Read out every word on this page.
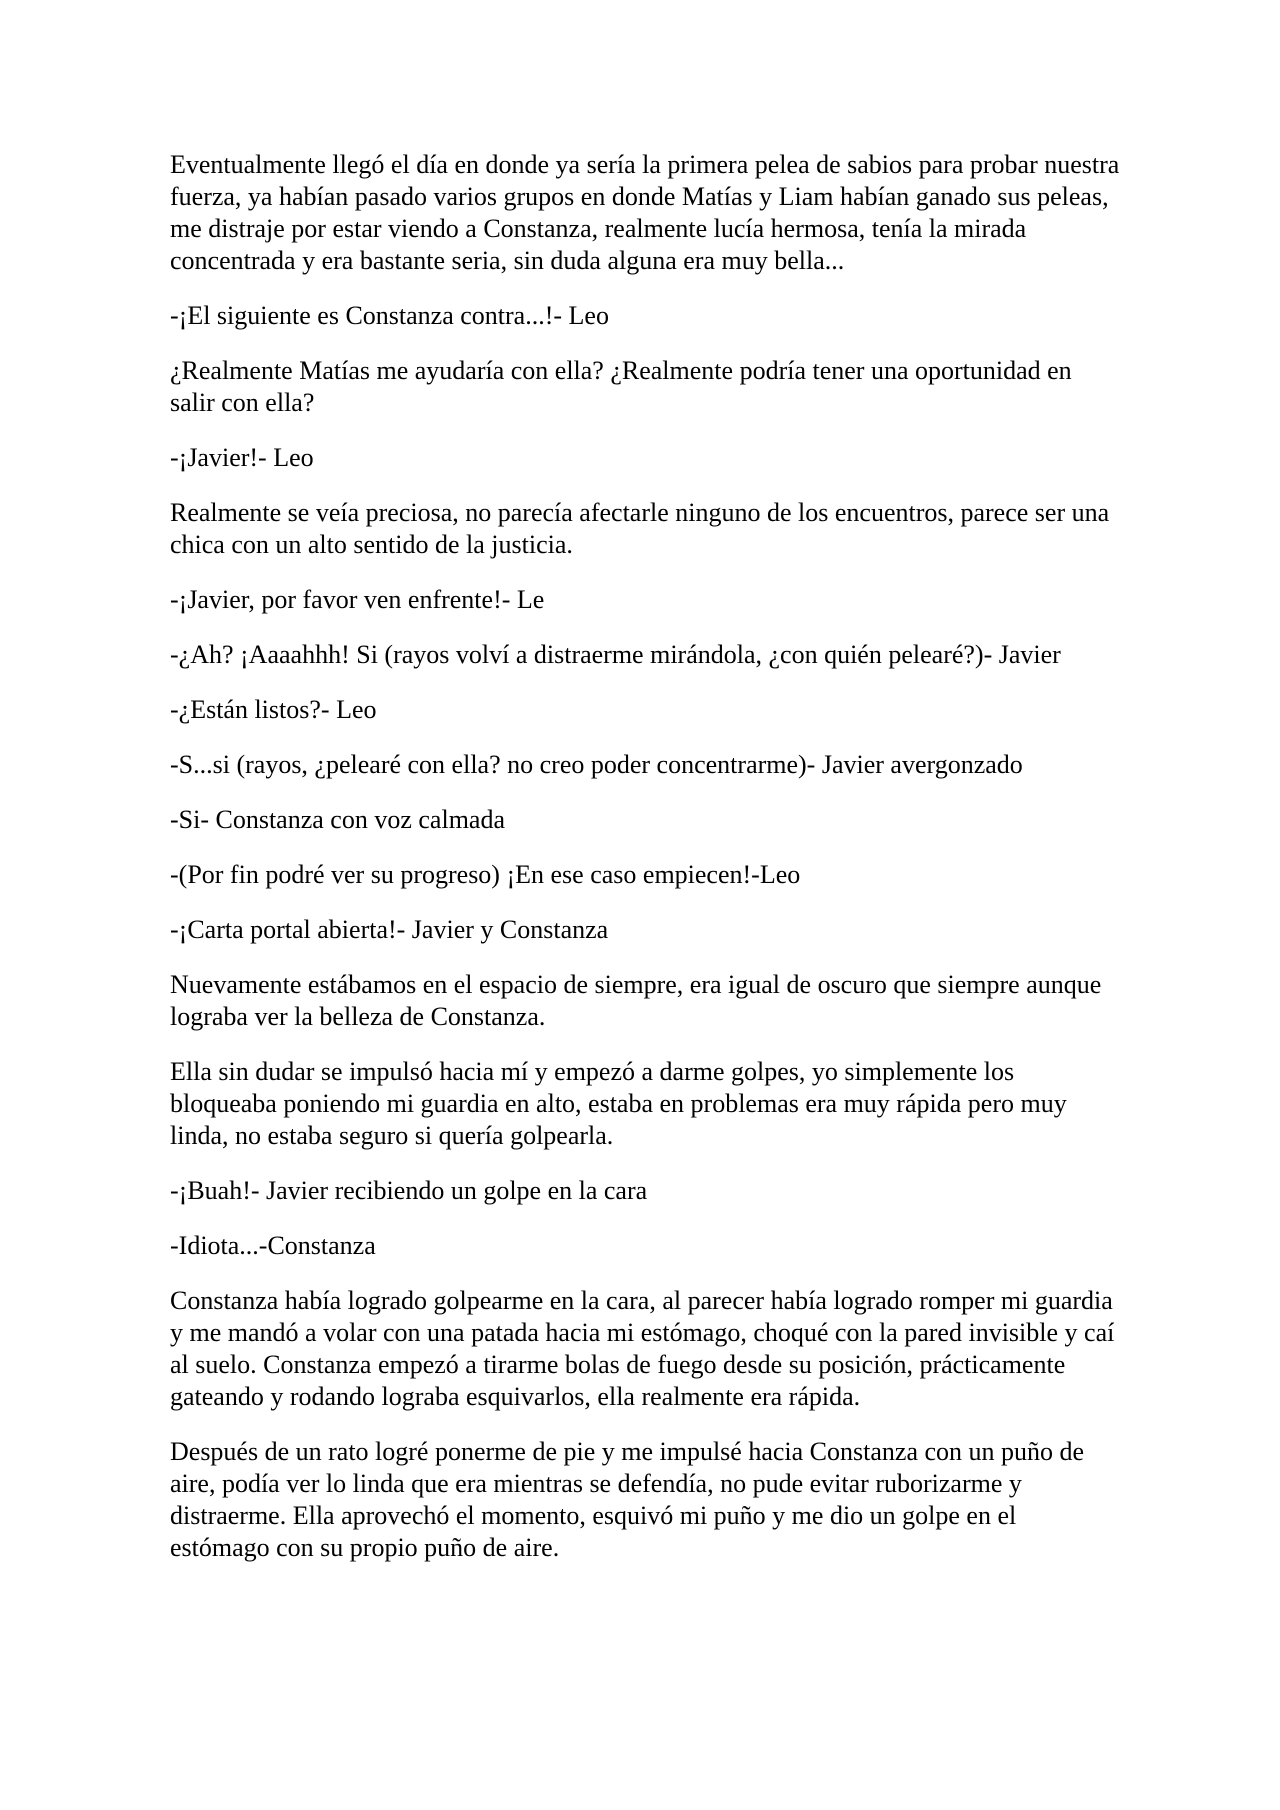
Eventualmente llegó el día en donde ya sería la primera pelea de sabios para probar nuestra fuerza, ya habían pasado varios grupos en donde Matías y Liam habían ganado sus peleas, me distraje por estar viendo a Constanza, realmente lucía hermosa, tenía la mirada concentrada y era bastante seria, sin duda alguna era muy bella...

-¡El siguiente es Constanza contra...!- Leo

¿Realmente Matías me ayudaría con ella? ¿Realmente podría tener una oportunidad en salir con ella?

-¡Javier!- Leo

Realmente se veía preciosa, no parecía afectarle ninguno de los encuentros, parece ser una chica con un alto sentido de la justicia.

-¡Javier, por favor ven enfrente!- Le

-¿Ah? ¡Aaaahhh! Si (rayos volví a distraerme mirándola, ¿con quién pelearé?)- Javier

-¿Están listos?- Leo

-S...si (rayos, ¿pelearé con ella? no creo poder concentrarme)- Javier avergonzado

-Si- Constanza con voz calmada

-(Por fin podré ver su progreso) ¡En ese caso empiecen!-Leo

-¡Carta portal abierta!- Javier y Constanza

Nuevamente estábamos en el espacio de siempre, era igual de oscuro que siempre aunque lograba ver la belleza de Constanza.

Ella sin dudar se impulsó hacia mí y empezó a darme golpes, yo simplemente los bloqueaba poniendo mi guardia en alto, estaba en problemas era muy rápida pero muy linda, no estaba seguro si quería golpearla.

-¡Buah!- Javier recibiendo un golpe en la cara

-Idiota...-Constanza

Constanza había logrado golpearme en la cara, al parecer había logrado romper mi guardia y me mandó a volar con una patada hacia mi estómago, choqué con la pared invisible y caí al suelo. Constanza empezó a tirarme bolas de fuego desde su posición, prácticamente gateando y rodando lograba esquivarlos, ella realmente era rápida.

Después de un rato logré ponerme de pie y me impulsé hacia Constanza con un puño de aire, podía ver lo linda que era mientras se defendía, no pude evitar ruborizarme y distraerme. Ella aprovechó el momento, esquivó mi puño y me dio un golpe en el estómago con su propio puño de aire.
